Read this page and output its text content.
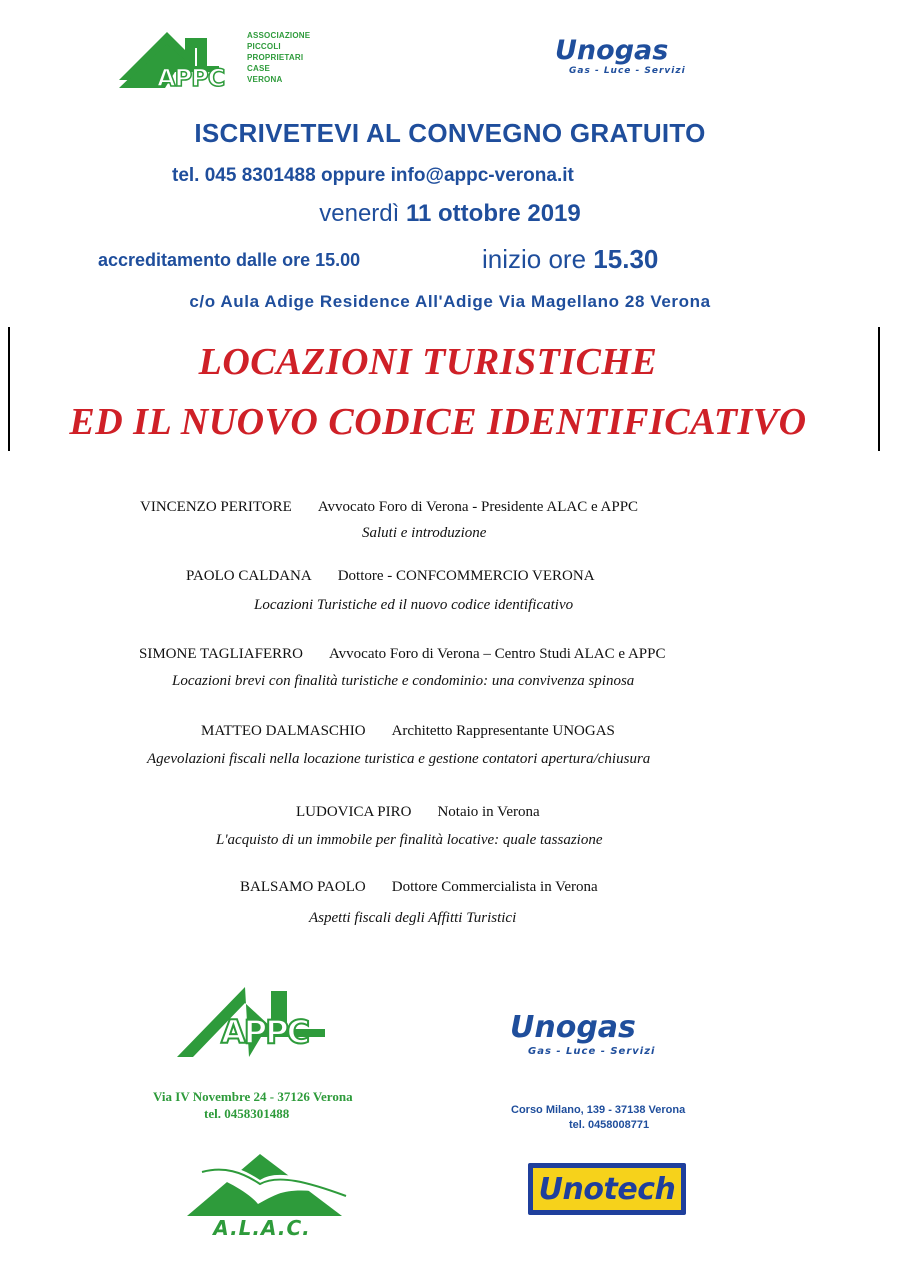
APPC
ASSOCIAZIONE
PICCOLI
PROPRIETARI
CASE
VERONA
Unogas
Gas - Luce - Servizi
ISCRIVETEVI AL CONVEGNO GRATUITO
tel. 045 8301488 oppure info@appc-verona.it
venerdì 11 ottobre 2019
accreditamento dalle ore 15.00	inizio ore 15.30
c/o Aula Adige Residence All'Adige Via Magellano 28 Verona
LOCAZIONI TURISTICHE
ED IL NUOVO CODICE IDENTIFICATIVO
VINCENZO PERITORE Avvocato Foro di Verona - Presidente ALAC e APPC
Saluti e introduzione
PAOLO CALDANA Dottore - CONFCOMMERCIO VERONA
Locazioni Turistiche ed il nuovo codice identificativo
SIMONE TAGLIAFERRO Avvocato Foro di Verona – Centro Studi ALAC e APPC
Locazioni brevi con finalità turistiche e condominio: una convivenza spinosa
MATTEO DALMASCHIO Architetto Rappresentante UNOGAS
Agevolazioni fiscali nella locazione turistica e gestione contatori apertura/chiusura
LUDOVICA PIRO Notaio in Verona
L'acquisto di un immobile per finalità locative: quale tassazione
BALSAMO PAOLO Dottore Commercialista in Verona
Aspetti fiscali degli Affitti Turistici
APPC
Via IV Novembre 24 - 37126 Verona
tel. 0458301488
Unogas
Gas - Luce - Servizi
Corso Milano, 139 - 37138 Verona
tel. 0458008771
A.L.A.C.
Unotech
